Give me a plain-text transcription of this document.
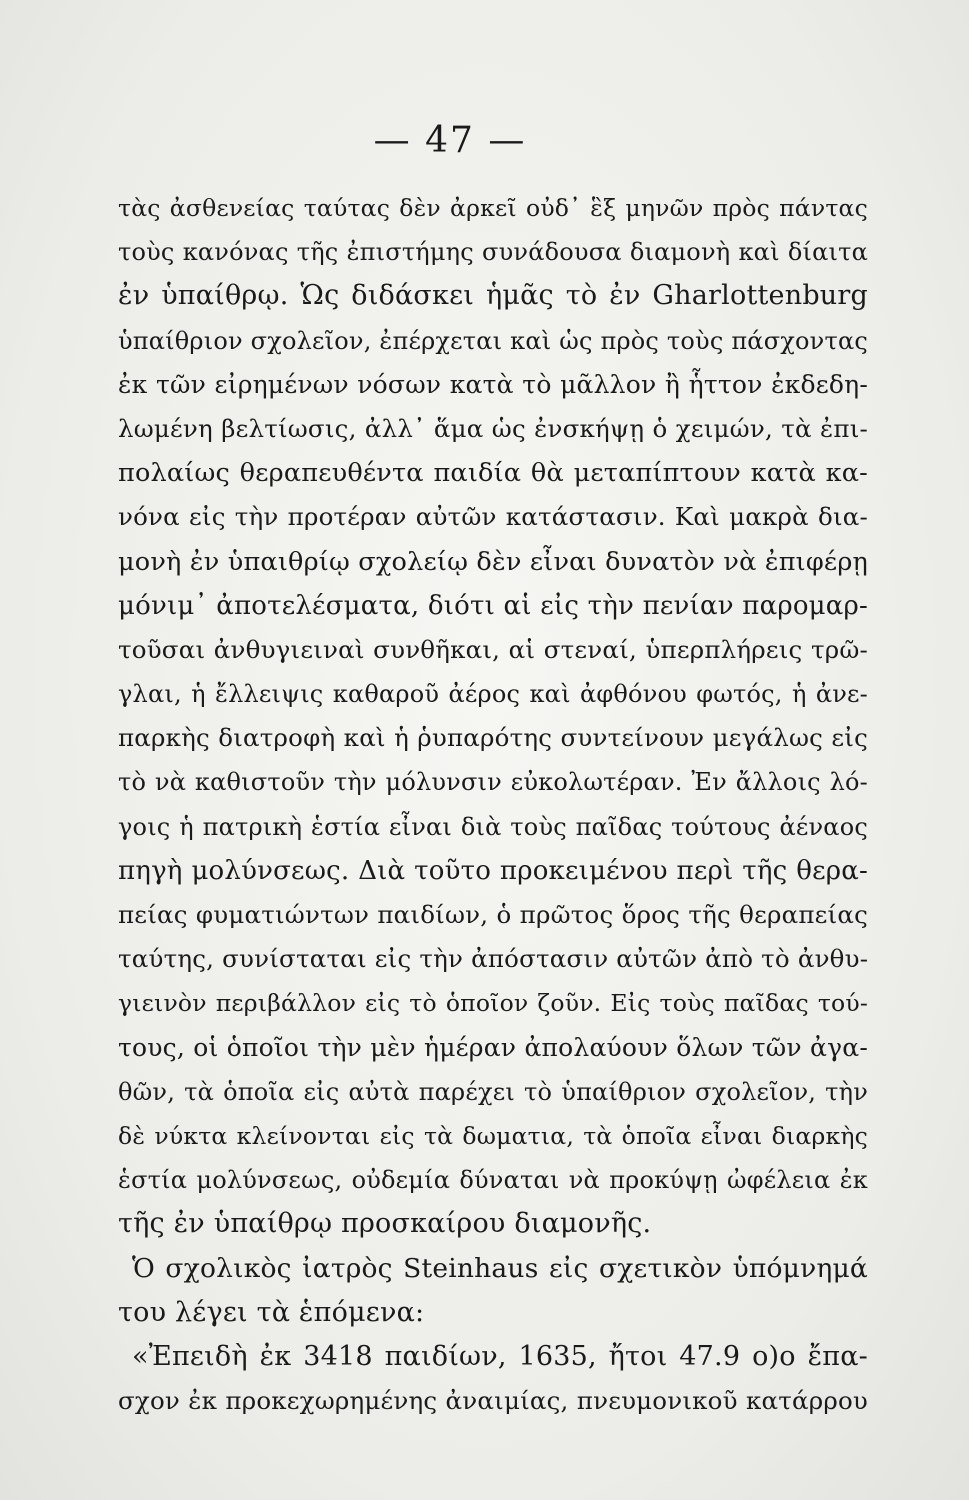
— 47 —
τὰς ἀσθενείας ταύτας δὲν ἀρκεῖ οὐδ᾽ ἓξ μηνῶν πρὸς πάντας
τοὺς κανόνας τῆς ἐπιστήμης συνάδουσα διαμονὴ καὶ δίαιτα
ἐν ὑπαίθρῳ. Ὡς διδάσκει ἡμᾶς τὸ ἐν Gharlottenburg
ὑπαίθριον σχολεῖον, ἐπέρχεται καὶ ὡς πρὸς τοὺς πάσχοντας
ἐκ τῶν εἰρημένων νόσων κατὰ τὸ μᾶλλον ἢ ἧττον ἐκδεδη-
λωμένη βελτίωσις, ἀλλ᾽ ἅμα ὡς ἐνσκήψῃ ὁ χειμών, τὰ ἐπι-
πολαίως θεραπευθέντα παιδία θὰ μεταπίπτουν κατὰ κα-
νόνα εἰς τὴν προτέραν αὐτῶν κατάστασιν. Καὶ μακρὰ δια-
μονὴ ἐν ὑπαιθρίῳ σχολείῳ δὲν εἶναι δυνατὸν νὰ ἐπιφέρῃ
μόνιμ᾽ ἀποτελέσματα, διότι αἱ εἰς τὴν πενίαν παρομαρ-
τοῦσαι ἀνθυγιειναὶ συνθῆκαι, αἱ στεναί, ὑπερπλήρεις τρῶ-
γλαι, ἡ ἔλλειψις καθαροῦ ἀέρος καὶ ἀφθόνου φωτός, ἡ ἀνε-
παρκὴς διατροφὴ καὶ ἡ ῥυπαρότης συντείνουν μεγάλως εἰς
τὸ νὰ καθιστοῦν τὴν μόλυνσιν εὐκολωτέραν. Ἐν ἄλλοις λό-
γοις ἡ πατρικὴ ἑστία εἶναι διὰ τοὺς παῖδας τούτους ἀέναος
πηγὴ μολύνσεως. Διὰ τοῦτο προκειμένου περὶ τῆς θερα-
πείας φυματιώντων παιδίων, ὁ πρῶτος ὅρος τῆς θεραπείας
ταύτης, συνίσταται εἰς τὴν ἀπόστασιν αὐτῶν ἀπὸ τὸ ἀνθυ-
γιεινὸν περιβάλλον εἰς τὸ ὁποῖον ζοῦν. Εἰς τοὺς παῖδας τού-
τους, οἱ ὁποῖοι τὴν μὲν ἡμέραν ἀπολαύουν ὅλων τῶν ἀγα-
θῶν, τὰ ὁποῖα εἰς αὐτὰ παρέχει τὸ ὑπαίθριον σχολεῖον, τὴν
δὲ νύκτα κλείνονται εἰς τὰ δωματια, τὰ ὁποῖα εἶναι διαρκὴς
ἑστία μολύνσεως, οὐδεμία δύναται νὰ προκύψῃ ὠφέλεια ἐκ
τῆς ἐν ὑπαίθρῳ προσκαίρου διαμονῆς.
Ὁ σχολικὸς ἰατρὸς Steinhaus εἰς σχετικὸν ὑπόμνημά
του λέγει τὰ ἑπόμενα:
«Ἐπειδὴ ἐκ 3418 παιδίων, 1635, ἤτοι 47.9 ο)ο ἔπα-
σχον ἐκ προκεχωρημένης ἀναιμίας, πνευμονικοῦ κατάρρου
